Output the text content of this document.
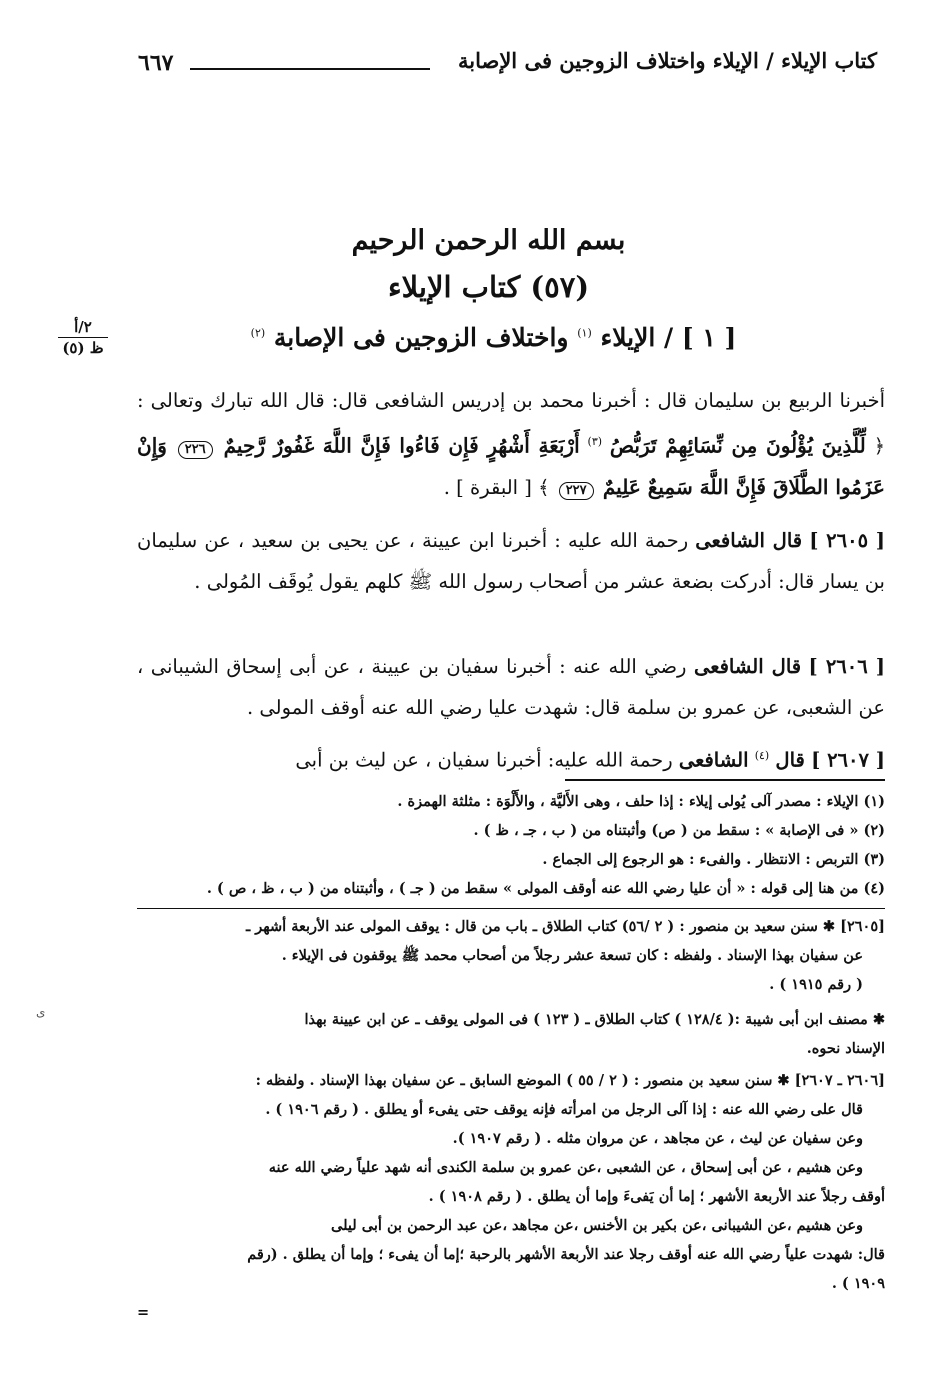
كتاب الإيلاء / الإيلاء واختلاف الزوجين فى الإصابة
٦٦٧
بسم الله الرحمن الرحيم
(٥٧) كتاب الإيلاء
[ ١ ] / الإيلاء $^{(١)}$ واختلاف الزوجين فى الإصابة $^{(٢)}$
٢/أ
ظ (٥)
أخبرنا الربيع بن سليمان قال : أخبرنا محمد بن إدريس الشافعى قال: قال الله تبارك وتعالى : ﴿ لِّلَّذِينَ يُؤْلُونَ مِن نِّسَائِهِمْ تَرَبُّصُ $^{(٣)}$ أَرْبَعَةِ أَشْهُرٍ فَإِن فَاءُوا فَإِنَّ اللَّهَ غَفُورٌ رَّحِيمٌ ٢٢٦ وَإِنْ عَزَمُوا الطَّلَاقَ فَإِنَّ اللَّهَ سَمِيعٌ عَلِيمٌ ٢٢٧ ﴾ [ البقرة ] .
[ ٢٦٠٥ ] قال الشافعى رحمة الله عليه : أخبرنا ابن عيينة ، عن يحيى بن سعيد ، عن سليمان بن يسار قال: أدركت بضعة عشر من أصحاب رسول الله ﷺ كلهم يقول يُوقَف المُولى .
[ ٢٦٠٦ ] قال الشافعى رضي الله عنه : أخبرنا سفيان بن عيينة ، عن أبى إسحاق الشيبانى ، عن الشعبى، عن عمرو بن سلمة قال: شهدت عليا رضي الله عنه أوقف المولى .
[ ٢٦٠٧ ] قال $^{(٤)}$ الشافعى رحمة الله عليه: أخبرنا سفيان ، عن ليث بن أبى
(١) الإيلاء : مصدر آلى يُولى إيلاء : إذا حلف ، وهى الأَليَّة ، والأَلْوَة : مثلثة الهمزة .
(٢) « فى الإصابة » : سقط من ( ص) وأثبتناه من ( ب ، جـ ، ظ ) .
(٣) التربص : الانتظار . والفىء : هو الرجوع إلى الجماع .
(٤) من هنا إلى قوله : « أن عليا رضي الله عنه أوقف المولى » سقط من ( جـ ) ، وأثبتناه من ( ب ، ظ ، ص ) .
[٢٦٠٥] ✱ سنن سعيد بن منصور : ( ٢ /٥٦) كتاب الطلاق ـ باب من قال : يوقف المولى عند الأربعة أشهر ـ
عن سفيان بهذا الإسناد . ولفظه : كان تسعة عشر رجلاً من أصحاب محمد ﷺ يوقفون فى الإيلاء .
( رقم ١٩١٥ ) .
✱ مصنف ابن أبى شيبة :( ١٢٨/٤ ) كتاب الطلاق ـ ( ١٢٣ ) فى المولى يوقف ـ عن ابن عيينة بهذا
الإسناد نحوه.
[٢٦٠٦ ـ ٢٦٠٧] ✱ سنن سعيد بن منصور : ( ٢ / ٥٥ ) الموضع السابق ـ عن سفيان بهذا الإسناد . ولفظه :
قال على رضي الله عنه : إذا آلى الرجل من امرأته فإنه يوقف حتى يفىء أو يطلق . ( رقم ١٩٠٦ ) .
وعن سفيان عن ليث ، عن مجاهد ، عن مروان مثله . ( رقم ١٩٠٧ ).
وعن هشيم ، عن أبى إسحاق ، عن الشعبى ،عن عمرو بن سلمة الكندى أنه شهد علياً رضي الله عنه
أوقف رجلاً عند الأربعة الأشهر ؛ إما أن يَفىءَ وإما أن يطلق . ( رقم ١٩٠٨ ) .
وعن هشيم ،عن الشيبانى ،عن بكير بن الأخنس ،عن مجاهد ،عن عبد الرحمن بن أبى ليلى
قال: شهدت علياً رضي الله عنه أوقف رجلا عند الأربعة الأشهر بالرحبة ؛إما أن يفىء ؛ وإما أن يطلق . (رقم
١٩٠٩ ) .
=
ﻯ
